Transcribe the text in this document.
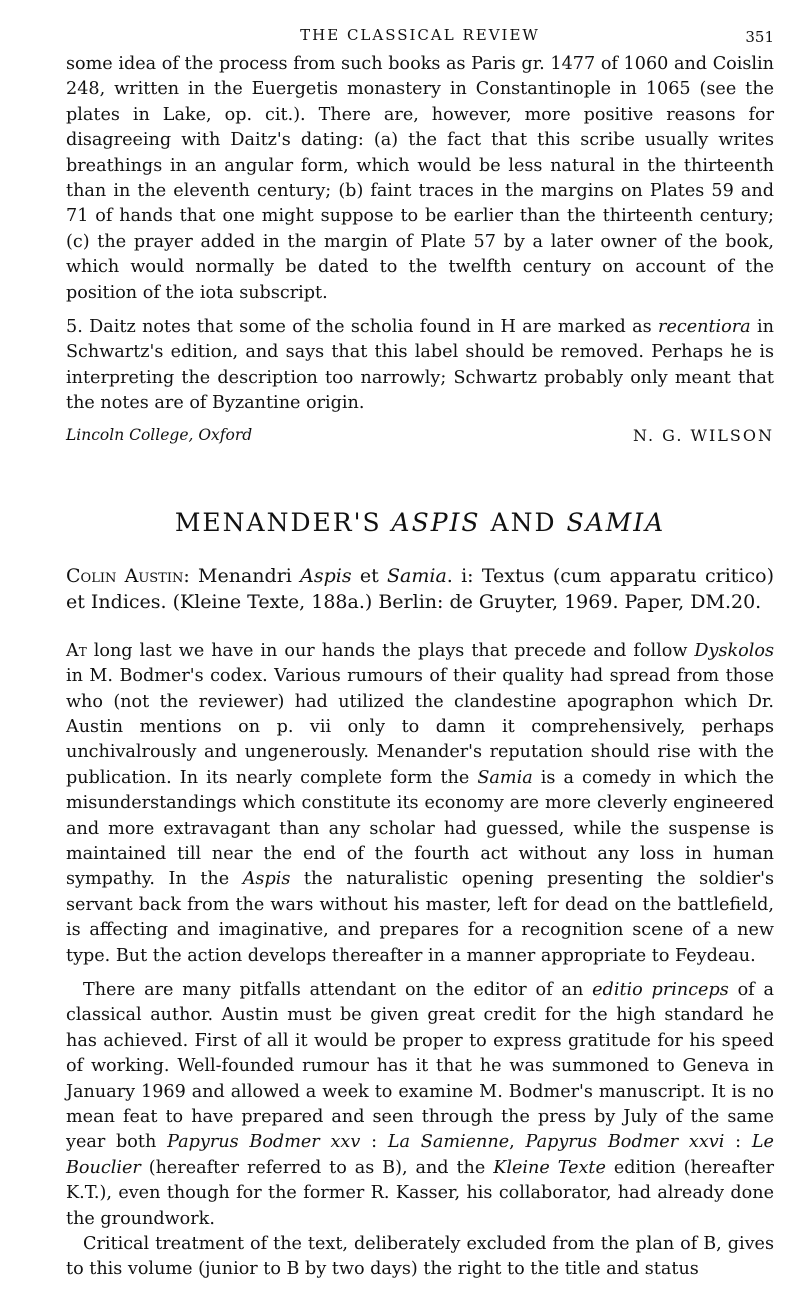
THE CLASSICAL REVIEW	351

some idea of the process from such books as Paris gr. 1477 of 1060 and Coislin 248, written in the Euergetis monastery in Constantinople in 1065 (see the plates in Lake, op. cit.). There are, however, more positive reasons for disagreeing with Daitz's dating: (a) the fact that this scribe usually writes breathings in an angular form, which would be less natural in the thirteenth than in the eleventh century; (b) faint traces in the margins on Plates 59 and 71 of hands that one might suppose to be earlier than the thirteenth century; (c) the prayer added in the margin of Plate 57 by a later owner of the book, which would normally be dated to the twelfth century on account of the position of the iota subscript.

5. Daitz notes that some of the scholia found in H are marked as recentiora in Schwartz's edition, and says that this label should be removed. Perhaps he is interpreting the description too narrowly; Schwartz probably only meant that the notes are of Byzantine origin.

Lincoln College, Oxford	N. G. WILSON
MENANDER'S ASPIS AND SAMIA

Colin Austin: Menandri Aspis et Samia. i: Textus (cum apparatu critico) et Indices. (Kleine Texte, 188a.) Berlin: de Gruyter, 1969. Paper, DM.20.

At long last we have in our hands the plays that precede and follow Dyskolos in M. Bodmer's codex. Various rumours of their quality had spread from those who (not the reviewer) had utilized the clandestine apographon which Dr. Austin mentions on p. vii only to damn it comprehensively, perhaps unchivalrously and ungenerously. Menander's reputation should rise with the publication. In its nearly complete form the Samia is a comedy in which the misunderstandings which constitute its economy are more cleverly engineered and more extravagant than any scholar had guessed, while the suspense is maintained till near the end of the fourth act without any loss in human sympathy. In the Aspis the naturalistic opening presenting the soldier's servant back from the wars without his master, left for dead on the battlefield, is affecting and imaginative, and prepares for a recognition scene of a new type. But the action develops thereafter in a manner appropriate to Feydeau.

There are many pitfalls attendant on the editor of an editio princeps of a classical author. Austin must be given great credit for the high standard he has achieved. First of all it would be proper to express gratitude for his speed of working. Well-founded rumour has it that he was summoned to Geneva in January 1969 and allowed a week to examine M. Bodmer's manuscript. It is no mean feat to have prepared and seen through the press by July of the same year both Papyrus Bodmer xxv : La Samienne, Papyrus Bodmer xxvi : Le Bouclier (hereafter referred to as B), and the Kleine Texte edition (hereafter K.T.), even though for the former R. Kasser, his collaborator, had already done the groundwork.

Critical treatment of the text, deliberately excluded from the plan of B, gives to this volume (junior to B by two days) the right to the title and status
